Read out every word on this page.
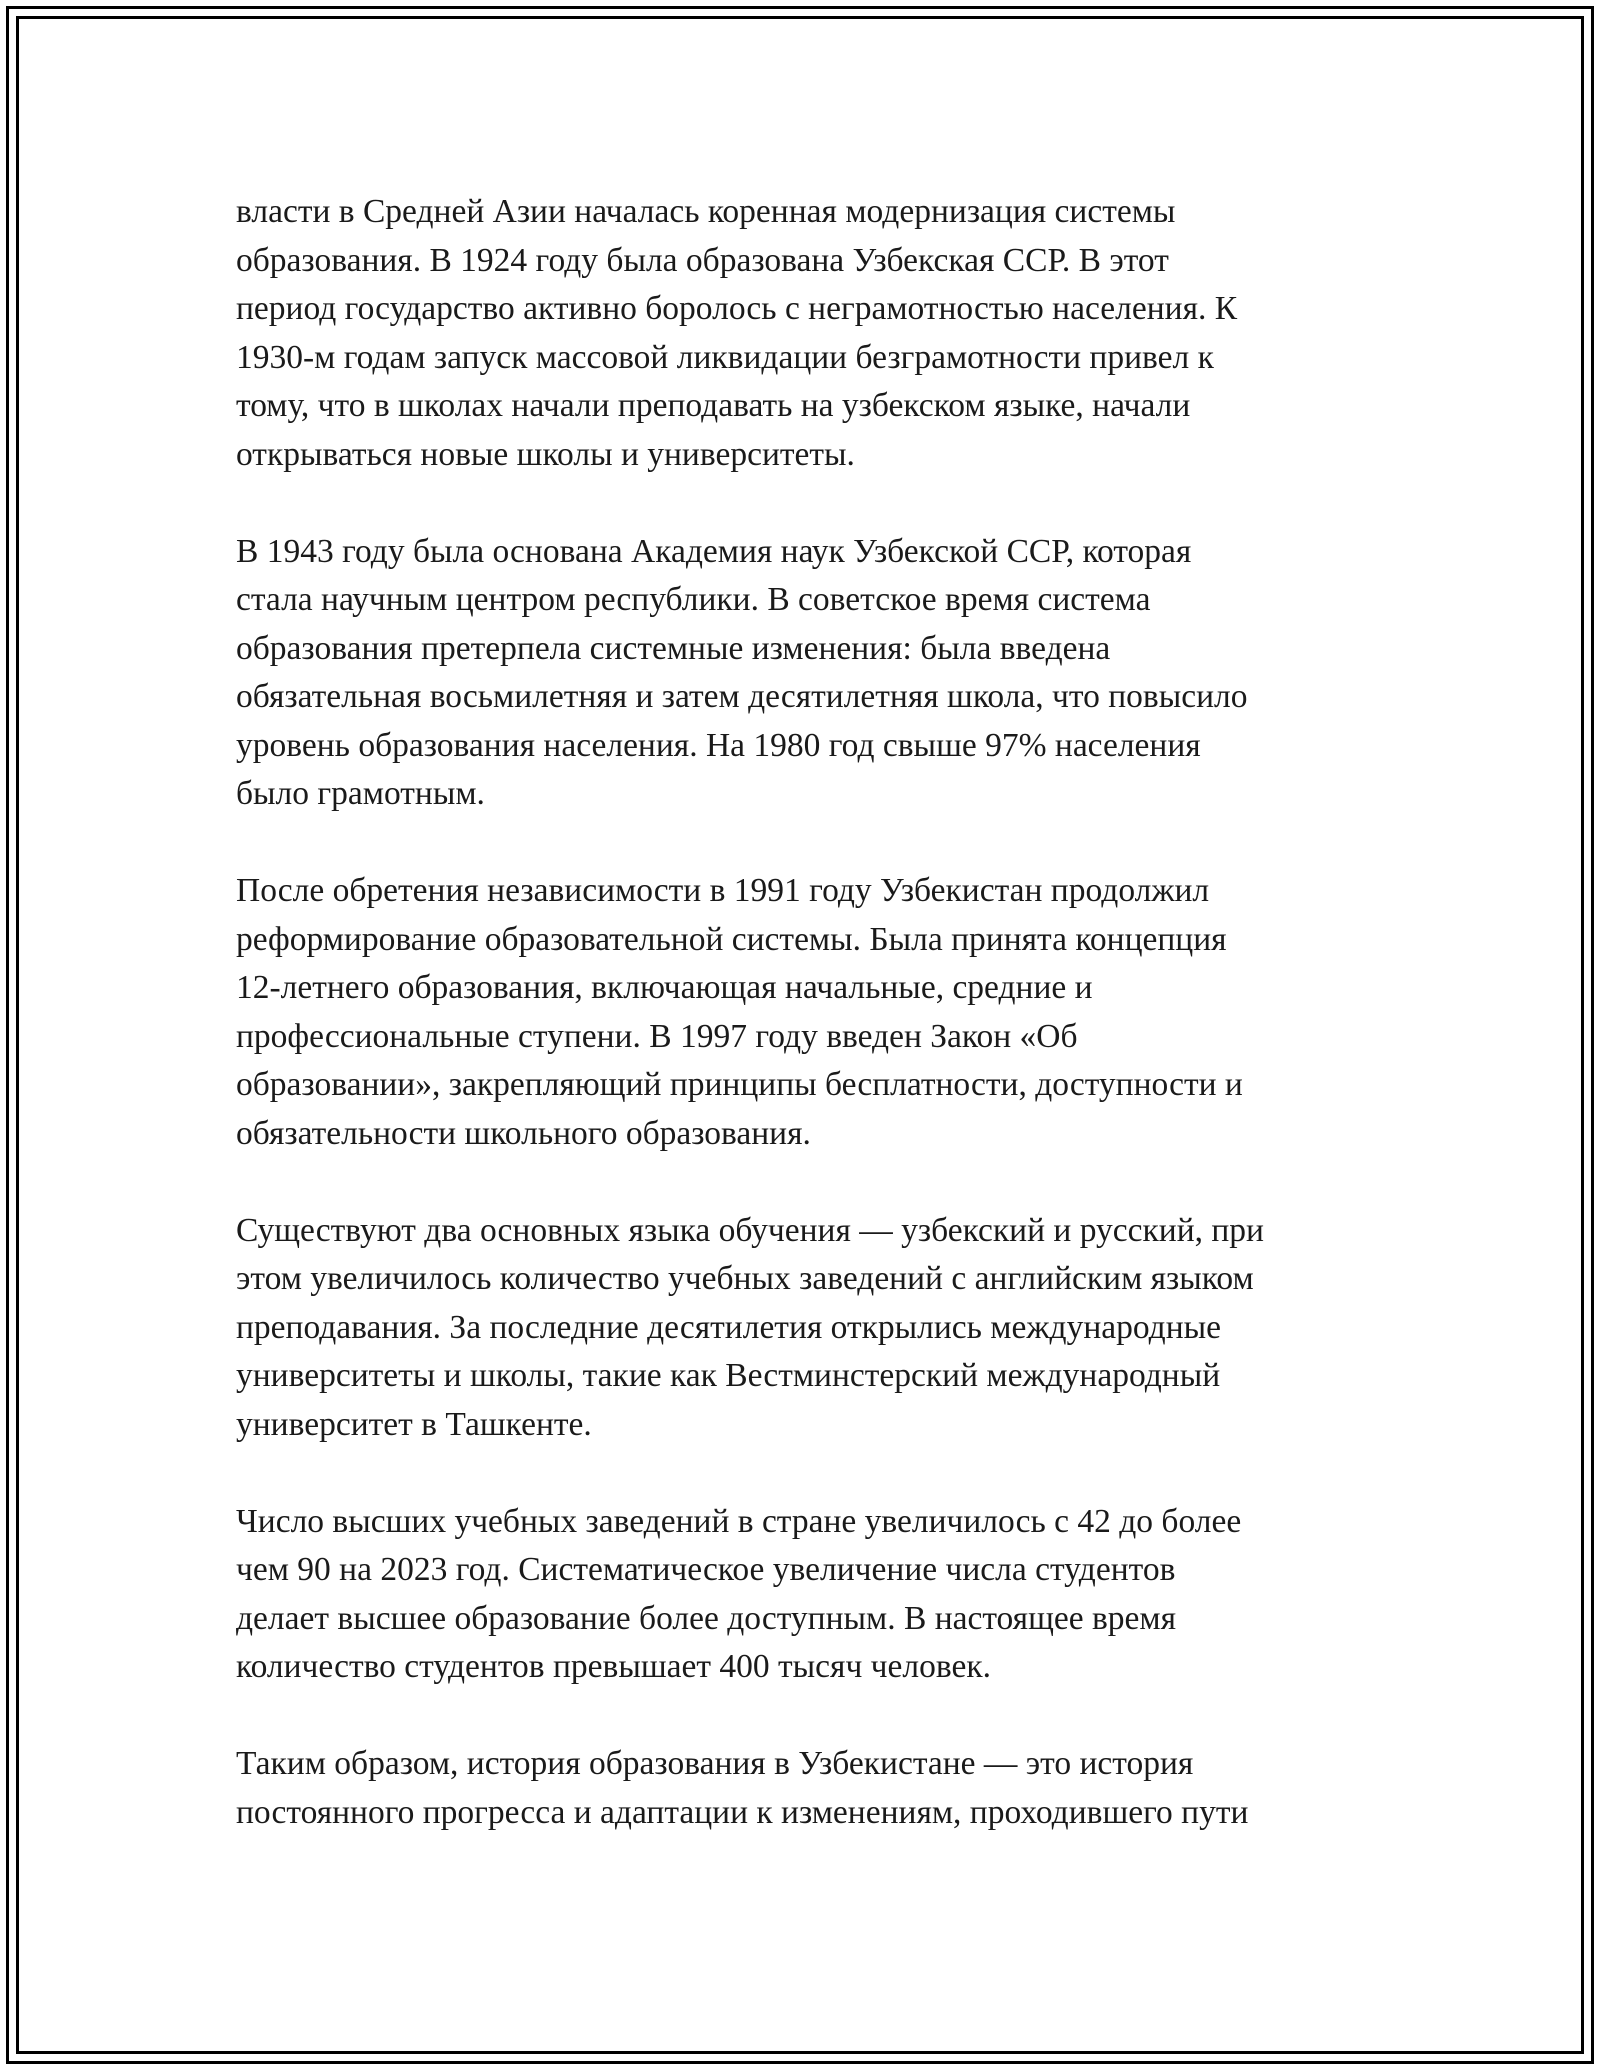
власти в Средней Азии началась коренная модернизация системы
образования. В 1924 году была образована Узбекская ССР. В этот
период государство активно боролось с неграмотностью населения. К
1930-м годам запуск массовой ликвидации безграмотности привел к
тому, что в школах начали преподавать на узбекском языке, начали
открываться новые школы и университеты.

В 1943 году была основана Академия наук Узбекской ССР, которая
стала научным центром республики. В советское время система
образования претерпела системные изменения: была введена
обязательная восьмилетняя и затем десятилетняя школа, что повысило
уровень образования населения. На 1980 год свыше 97% населения
было грамотным.

После обретения независимости в 1991 году Узбекистан продолжил
реформирование образовательной системы. Была принята концепция
12-летнего образования, включающая начальные, средние и
профессиональные ступени. В 1997 году введен Закон «Об
образовании», закрепляющий принципы бесплатности, доступности и
обязательности школьного образования.

Существуют два основных языка обучения — узбекский и русский, при
этом увеличилось количество учебных заведений с английским языком
преподавания. За последние десятилетия открылись международные
университеты и школы, такие как Вестминстерский международный
университет в Ташкенте.

Число высших учебных заведений в стране увеличилось с 42 до более
чем 90 на 2023 год. Систематическое увеличение числа студентов
делает высшее образование более доступным. В настоящее время
количество студентов превышает 400 тысяч человек.

Таким образом, история образования в Узбекистане — это история
постоянного прогресса и адаптации к изменениям, проходившего пути
